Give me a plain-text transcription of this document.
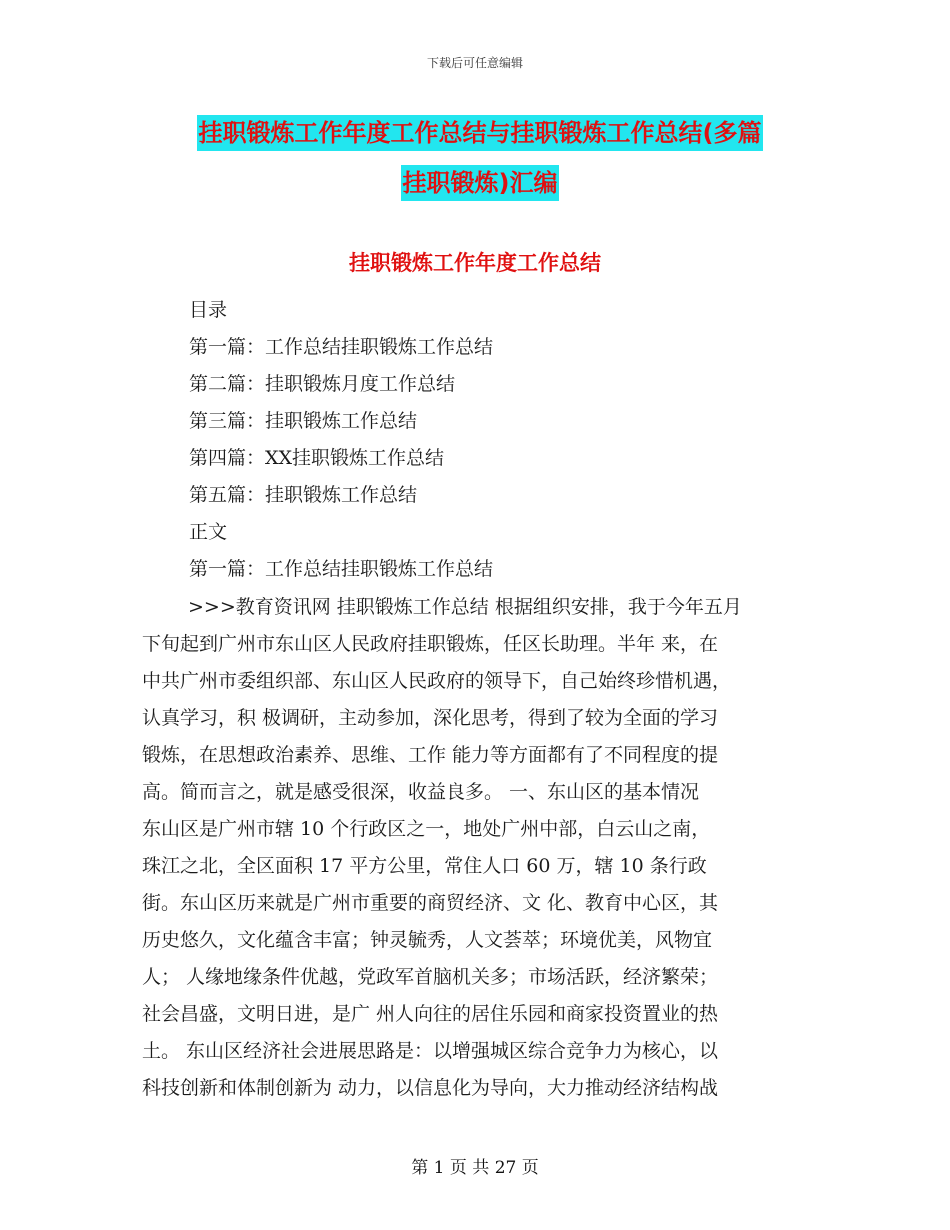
下载后可任意编辑
挂职锻炼工作年度工作总结与挂职锻炼工作总结(多篇
挂职锻炼)汇编
挂职锻炼工作年度工作总结
目录
第一篇：工作总结挂职锻炼工作总结
第二篇：挂职锻炼月度工作总结
第三篇：挂职锻炼工作总结
第四篇：XX挂职锻炼工作总结
第五篇：挂职锻炼工作总结
正文
第一篇：工作总结挂职锻炼工作总结
>>>教育资讯网 挂职锻炼工作总结 根据组织安排，我于今年五月
下旬起到广州市东山区人民政府挂职锻炼，任区长助理。半年 来，在
中共广州市委组织部、东山区人民政府的领导下，自己始终珍惜机遇，
认真学习，积 极调研，主动参加，深化思考，得到了较为全面的学习
锻炼，在思想政治素养、思维、工作 能力等方面都有了不同程度的提
高。简而言之，就是感受很深，收益良多。 一、东山区的基本情况
东山区是广州市辖 10 个行政区之一，地处广州中部，白云山之南，
珠江之北，全区面积 17 平方公里，常住人口 60 万，辖 10 条行政
街。东山区历来就是广州市重要的商贸经济、文 化、教育中心区，其
历史悠久，文化蕴含丰富；钟灵毓秀，人文荟萃；环境优美，风物宜
人； 人缘地缘条件优越，党政军首脑机关多；市场活跃，经济繁荣；
社会昌盛，文明日进，是广 州人向往的居住乐园和商家投资置业的热
土。 东山区经济社会进展思路是：以增强城区综合竞争力为核心，以
科技创新和体制创新为 动力，以信息化为导向，大力推动经济结构战
第 1 页 共 27 页
